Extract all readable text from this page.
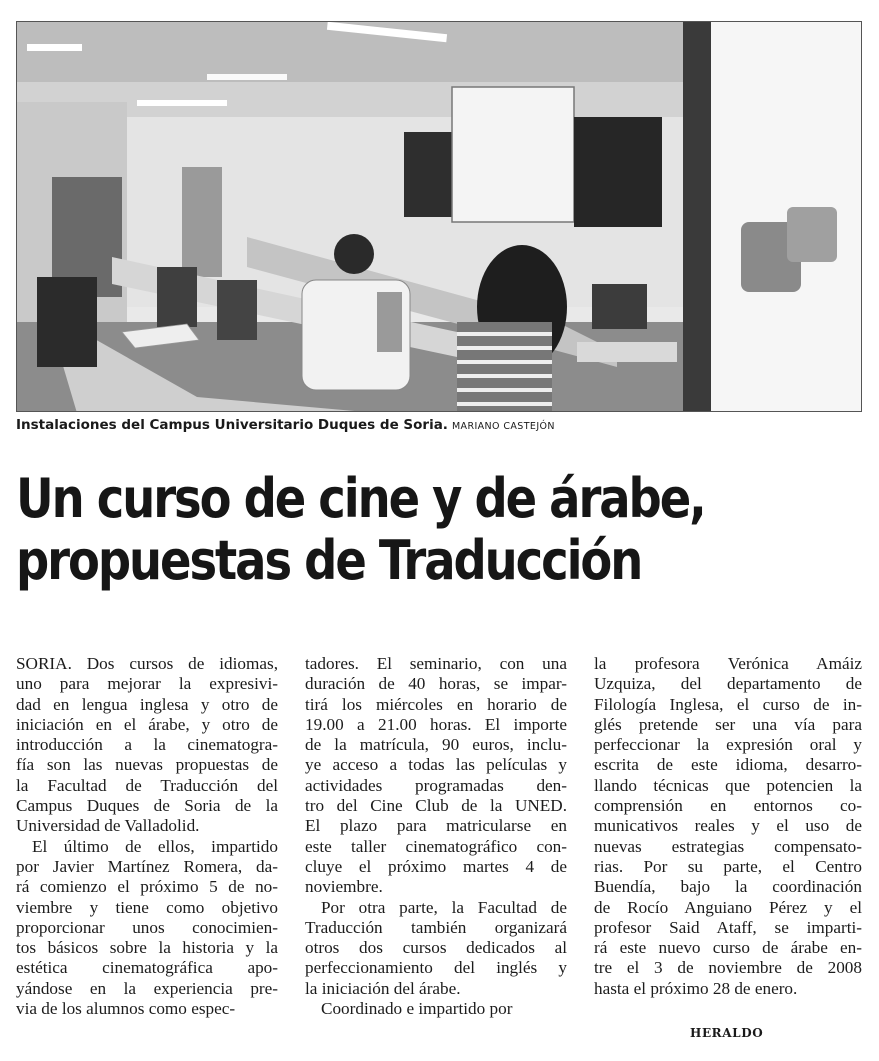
Instalaciones del Campus Universitario Duques de Soria. MARIANO CASTEJÓN
Un curso de cine y de árabe,
propuestas de Traducción
SORIA. Dos cursos de idiomas,
uno para mejorar la expresivi-
dad en lengua inglesa y otro de
iniciación en el árabe, y otro de
introducción a la cinematogra-
fía son las nuevas propuestas de
la Facultad de Traducción del
Campus Duques de Soria de la
Universidad de Valladolid.
El último de ellos, impartido
por Javier Martínez Romera, da-
rá comienzo el próximo 5 de no-
viembre y tiene como objetivo
proporcionar unos conocimien-
tos básicos sobre la historia y la
estética cinematográfica apo-
yándose en la experiencia pre-
via de los alumnos como espec-
tadores. El seminario, con una
duración de 40 horas, se impar-
tirá los miércoles en horario de
19.00 a 21.00 horas. El importe
de la matrícula, 90 euros, inclu-
ye acceso a todas las películas y
actividades programadas den-
tro del Cine Club de la UNED.
El plazo para matricularse en
este taller cinematográfico con-
cluye el próximo martes 4 de
noviembre.
Por otra parte, la Facultad de
Traducción también organizará
otros dos cursos dedicados al
perfeccionamiento del inglés y
la iniciación del árabe.
Coordinado e impartido por
la profesora Verónica Amáiz
Uzquiza, del departamento de
Filología Inglesa, el curso de in-
glés pretende ser una vía para
perfeccionar la expresión oral y
escrita de este idioma, desarro-
llando técnicas que potencien la
comprensión en entornos co-
municativos reales y el uso de
nuevas estrategias compensato-
rias. Por su parte, el Centro
Buendía, bajo la coordinación
de Rocío Anguiano Pérez y el
profesor Said Ataff, se imparti-
rá este nuevo curso de árabe en-
tre el 3 de noviembre de 2008
hasta el próximo 28 de enero.
HERALDO
